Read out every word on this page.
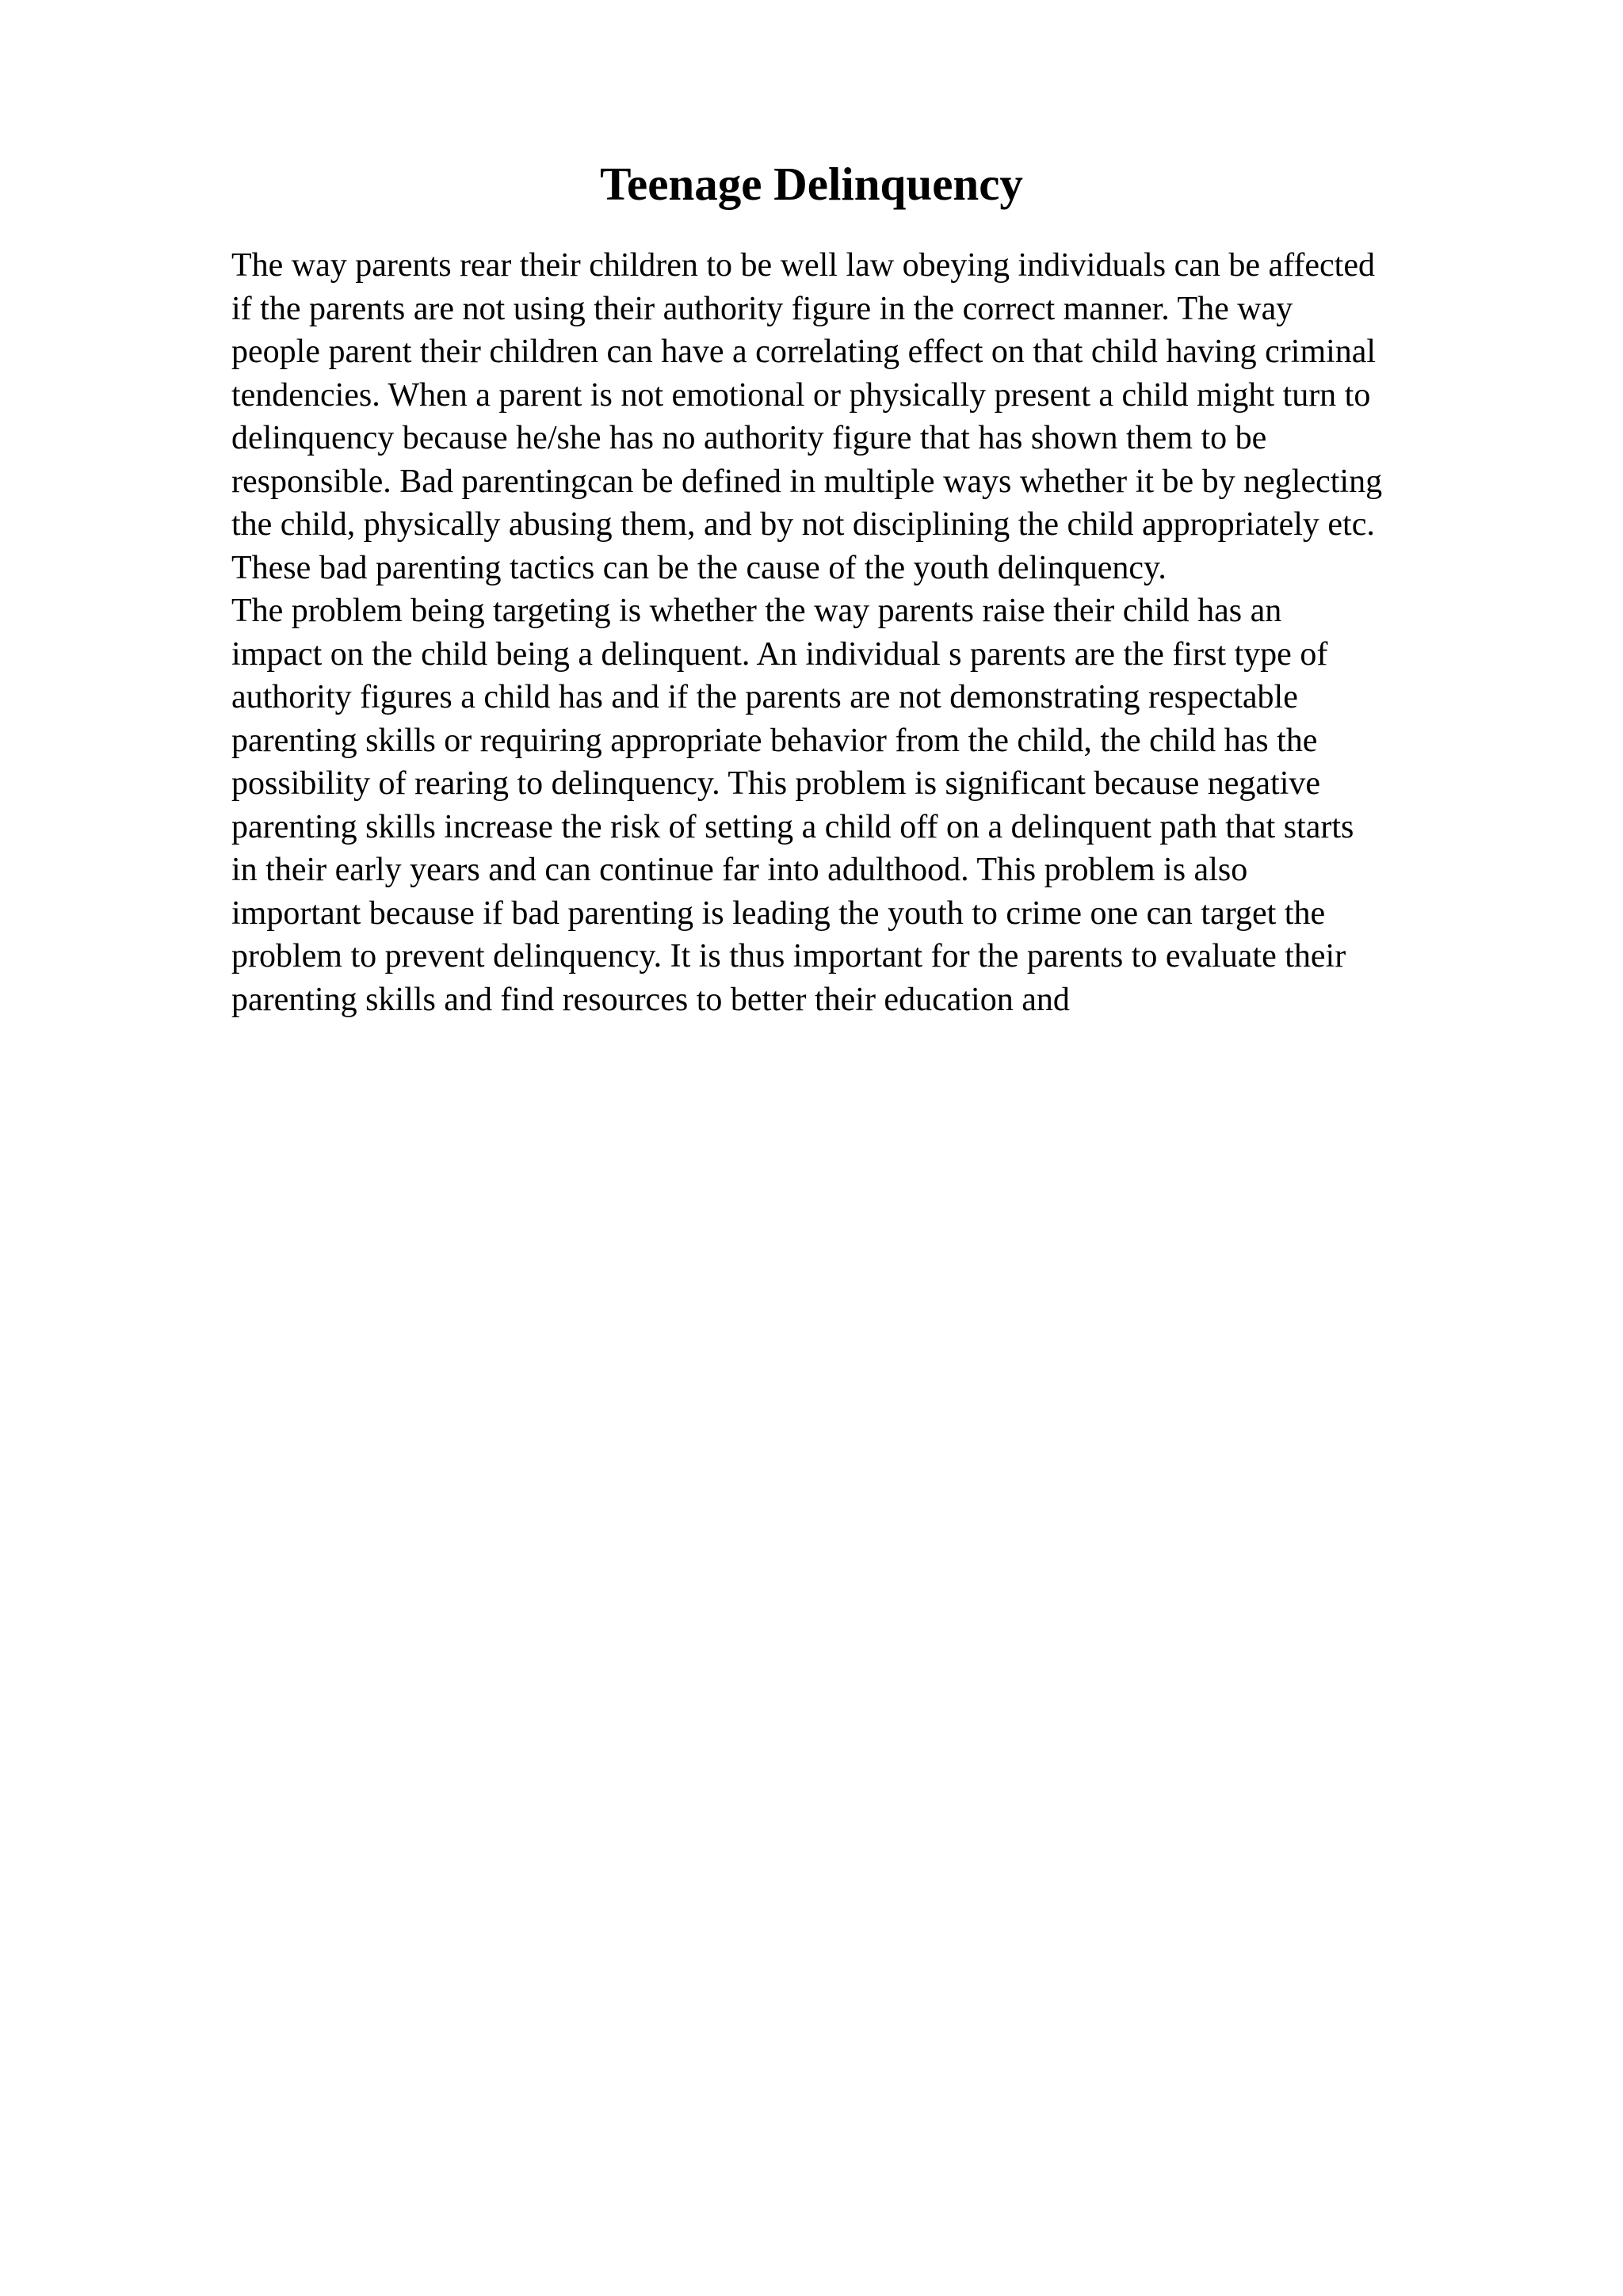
Teenage Delinquency
The way parents rear their children to be well law obeying individuals can be affected
if the parents are not using their authority figure in the correct manner. The way
people parent their children can have a correlating effect on that child having criminal
tendencies. When a parent is not emotional or physically present a child might turn to
delinquency because he/she has no authority figure that has shown them to be
responsible. Bad parentingcan be defined in multiple ways whether it be by neglecting
the child, physically abusing them, and by not disciplining the child appropriately etc.
These bad parenting tactics can be the cause of the youth delinquency.
The problem being targeting is whether the way parents raise their child has an
impact on the child being a delinquent. An individual s parents are the first type of
authority figures a child has and if the parents are not demonstrating respectable
parenting skills or requiring appropriate behavior from the child, the child has the
possibility of rearing to delinquency. This problem is significant because negative
parenting skills increase the risk of setting a child off on a delinquent path that starts
in their early years and can continue far into adulthood. This problem is also
important because if bad parenting is leading the youth to crime one can target the
problem to prevent delinquency. It is thus important for the parents to evaluate their
parenting skills and find resources to better their education and
